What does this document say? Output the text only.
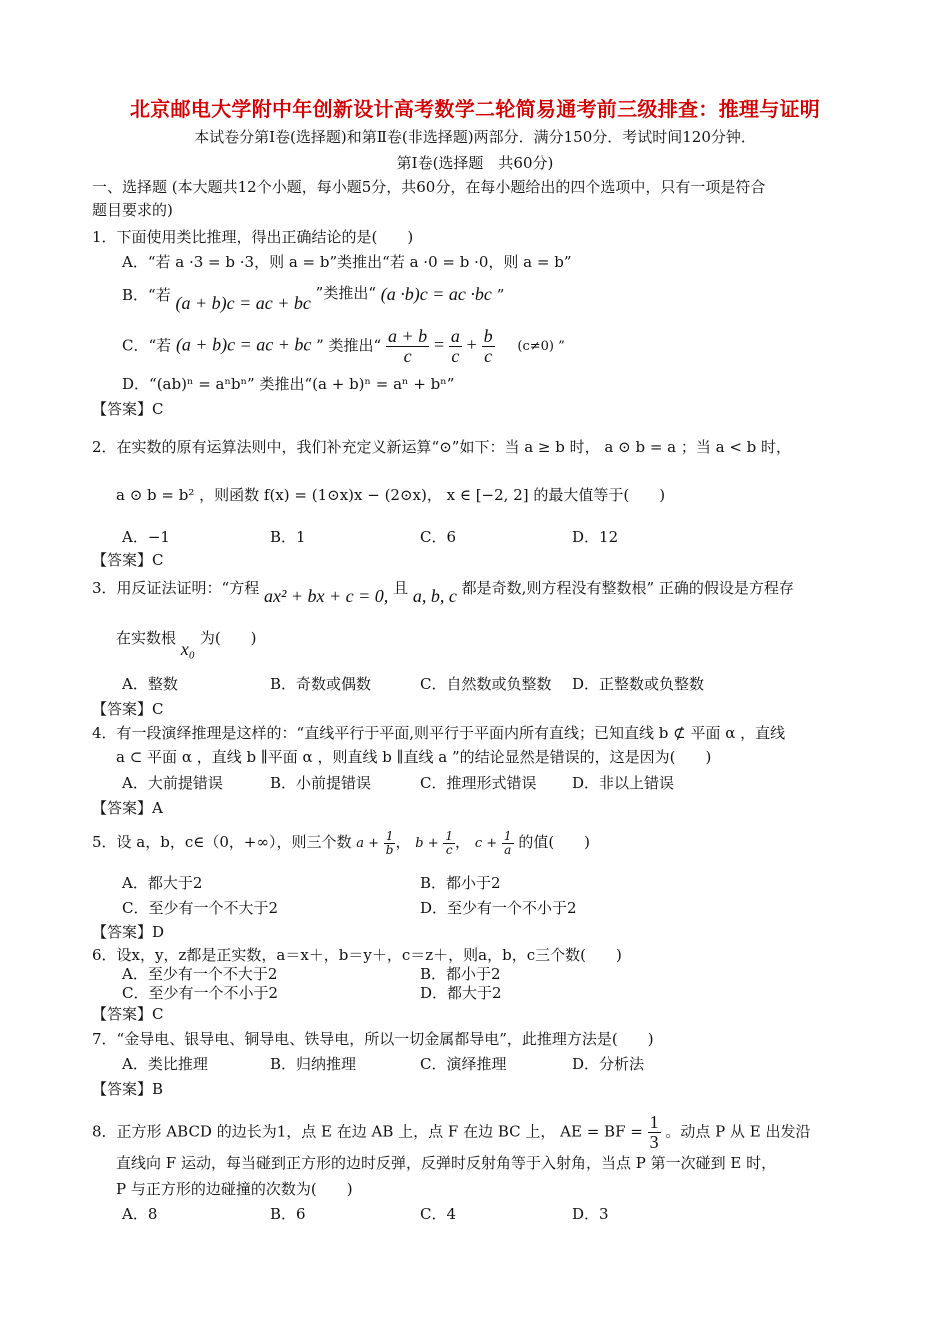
北京邮电大学附中年创新设计高考数学二轮简易通考前三级排查：推理与证明
本试卷分第Ⅰ卷(选择题)和第Ⅱ卷(非选择题)两部分．满分150分．考试时间120分钟．
第Ⅰ卷(选择题　共60分)
一、选择题 (本大题共12个小题，每小题5分，共60分，在每小题给出的四个选项中，只有一项是符合
题目要求的)
1．下面使用类比推理，得出正确结论的是(　　)
A．“若 a ·3 = b ·3，则 a = b”类推出“若 a ·0 = b ·0，则 a = b”
B．“若 (a + b)c = ac + bc ”类推出“ (a ·b)c = ac ·bc ”
C．“若 (a + b)c = ac + bc ” 类推出“ $\frac{a + b}{c} = \frac{a}{c} + \frac{b}{c} (c\ne 0)$ ”
D．“(ab)ⁿ = aⁿbⁿ” 类推出“(a + b)ⁿ = aⁿ + bⁿ”
【答案】C
2．在实数的原有运算法则中，我们补充定义新运算“⊙”如下：当 a ≥ b 时， a ⊙ b = a ；当 a < b 时，
a ⊙ b = b² ，则函数 f(x) = (1⊙x)x − (2⊙x)， x ∈ [−2, 2] 的最大值等于(　　)
A．−1	B．1	C．6	D．12
【答案】C
3．用反证法证明：“方程 ax² + bx + c = 0, 且 a, b, c 都是奇数,则方程没有整数根” 正确的假设是方程存
在实数根 x₀ 为(　　)
A．整数	B．奇数或偶数	C．自然数或负整数 D．正整数或负整数
【答案】C
4．有一段演绎推理是这样的：“直线平行于平面,则平行于平面内所有直线；已知直线 b ⊄ 平面 α ，直线
a ⊂ 平面 α ，直线 b ∥平面 α ，则直线 b ∥直线 a ”的结论显然是错误的，这是因为(　　)
A．大前提错误	B．小前提错误	C．推理形式错误 D．非以上错误
【答案】A
5．设 a，b，c∈（0，+∞），则三个数 $a + \frac{1}{b}$ ， $b + \frac{1}{c}$ ， $c + \frac{1}{a}$ 的值(　　)
A．都大于2	B．都小于2
C．至少有一个不大于2	D．至少有一个不小于2
【答案】D
6．设x，y，z都是正实数，a＝x＋，b＝y＋，c＝z＋，则a，b，c三个数(　　)
A．至少有一个不大于2	B．都小于2
C．至少有一个不小于2	D．都大于2
【答案】C
7．“金导电、银导电、铜导电、铁导电，所以一切金属都导电”，此推理方法是(　　)
A．类比推理	B．归纳推理	C．演绎推理	D．分析法
【答案】B
8．正方形 ABCD 的边长为1，点 E 在边 AB 上，点 F 在边 BC 上， AE = BF = $\frac{1}{3}$ 。动点 P 从 E 出发沿
直线向 F 运动，每当碰到正方形的边时反弹，反弹时反射角等于入射角，当点 P 第一次碰到 E 时，
P 与正方形的边碰撞的次数为(　　)
A．8	B．6	C．4	D．3
